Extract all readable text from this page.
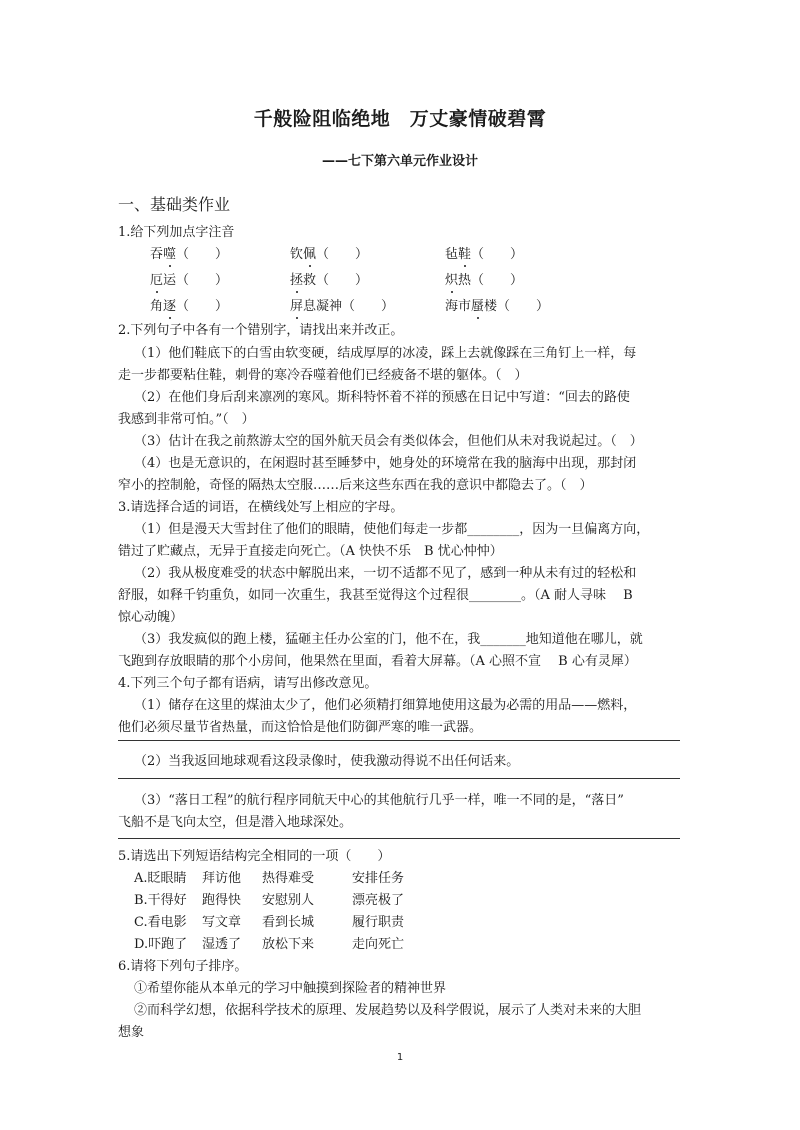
千般险阻临绝地　万丈豪情破碧霄
——七下第六单元作业设计
一、基础类作业
1.给下列加点字注音
吞噬（　　）	钦佩（　　）	毡鞋（　　）
厄运（　　）	拯救（　　）	炽热（　　）
角逐（　　）	屏息凝神（　　）	海市蜃楼（　　）
2.下列句子中各有一个错别字，请找出来并改正。
（1）他们鞋底下的白雪由软变硬，结成厚厚的冰凌，踩上去就像踩在三角钉上一样，每
走一步都要粘住鞋，刺骨的寒冷吞噬着他们已经疲备不堪的躯体。（　）
（2）在他们身后刮来凛冽的寒风。斯科特怀着不祥的预感在日记中写道：“回去的路使
我感到非常可怕。”（　）
（3）估计在我之前熬游太空的国外航天员会有类似体会，但他们从未对我说起过。（　）
（4）也是无意识的，在闲遐时甚至睡梦中，她身处的环境常在我的脑海中出现，那封闭
窄小的控制舱，奇怪的隔热太空服……后来这些东西在我的意识中都隐去了。（　）
3.请选择合适的词语，在横线处写上相应的字母。
（1）但是漫天大雪封住了他们的眼睛，使他们每走一步都________，因为一旦偏离方向，
错过了贮藏点，无异于直接走向死亡。（A 快快不乐　B 忧心忡忡）
（2）我从极度难受的状态中解脱出来，一切不适都不见了，感到一种从未有过的轻松和
舒服，如释千钧重负，如同一次重生，我甚至觉得这个过程很________。（A 耐人寻味　 B
惊心动魄）
（3）我发疯似的跑上楼，猛砸主任办公室的门，他不在，我_______地知道他在哪儿，就
飞跑到存放眼睛的那个小房间，他果然在里面，看着大屏幕。（A 心照不宣　 B 心有灵犀）
4.下列三个句子都有语病，请写出修改意见。
（1）储存在这里的煤油太少了，他们必须精打细算地使用这最为必需的用品——燃料，
他们必须尽量节省热量，而这恰恰是他们防御严寒的唯一武器。
（2）当我返回地球观看这段录像时，使我激动得说不出任何话来。
（3）“落日工程”的航行程序同航天中心的其他航行几乎一样，唯一不同的是，“落日”
飞船不是飞向太空，但是潜入地球深处。
5.请选出下列短语结构完全相同的一项（　　）
A.眨眼睛 拜访他 热得难受	安排任务
B.干得好 跑得快 安慰别人	漂亮极了
C.看电影 写文章 看到长城	履行职责
D.吓跑了 湿透了 放松下来	走向死亡
6.请将下列句子排序。
①希望你能从本单元的学习中触摸到探险者的精神世界
②而科学幻想，依据科学技术的原理、发展趋势以及科学假说，展示了人类对未来的大胆
想象
1
